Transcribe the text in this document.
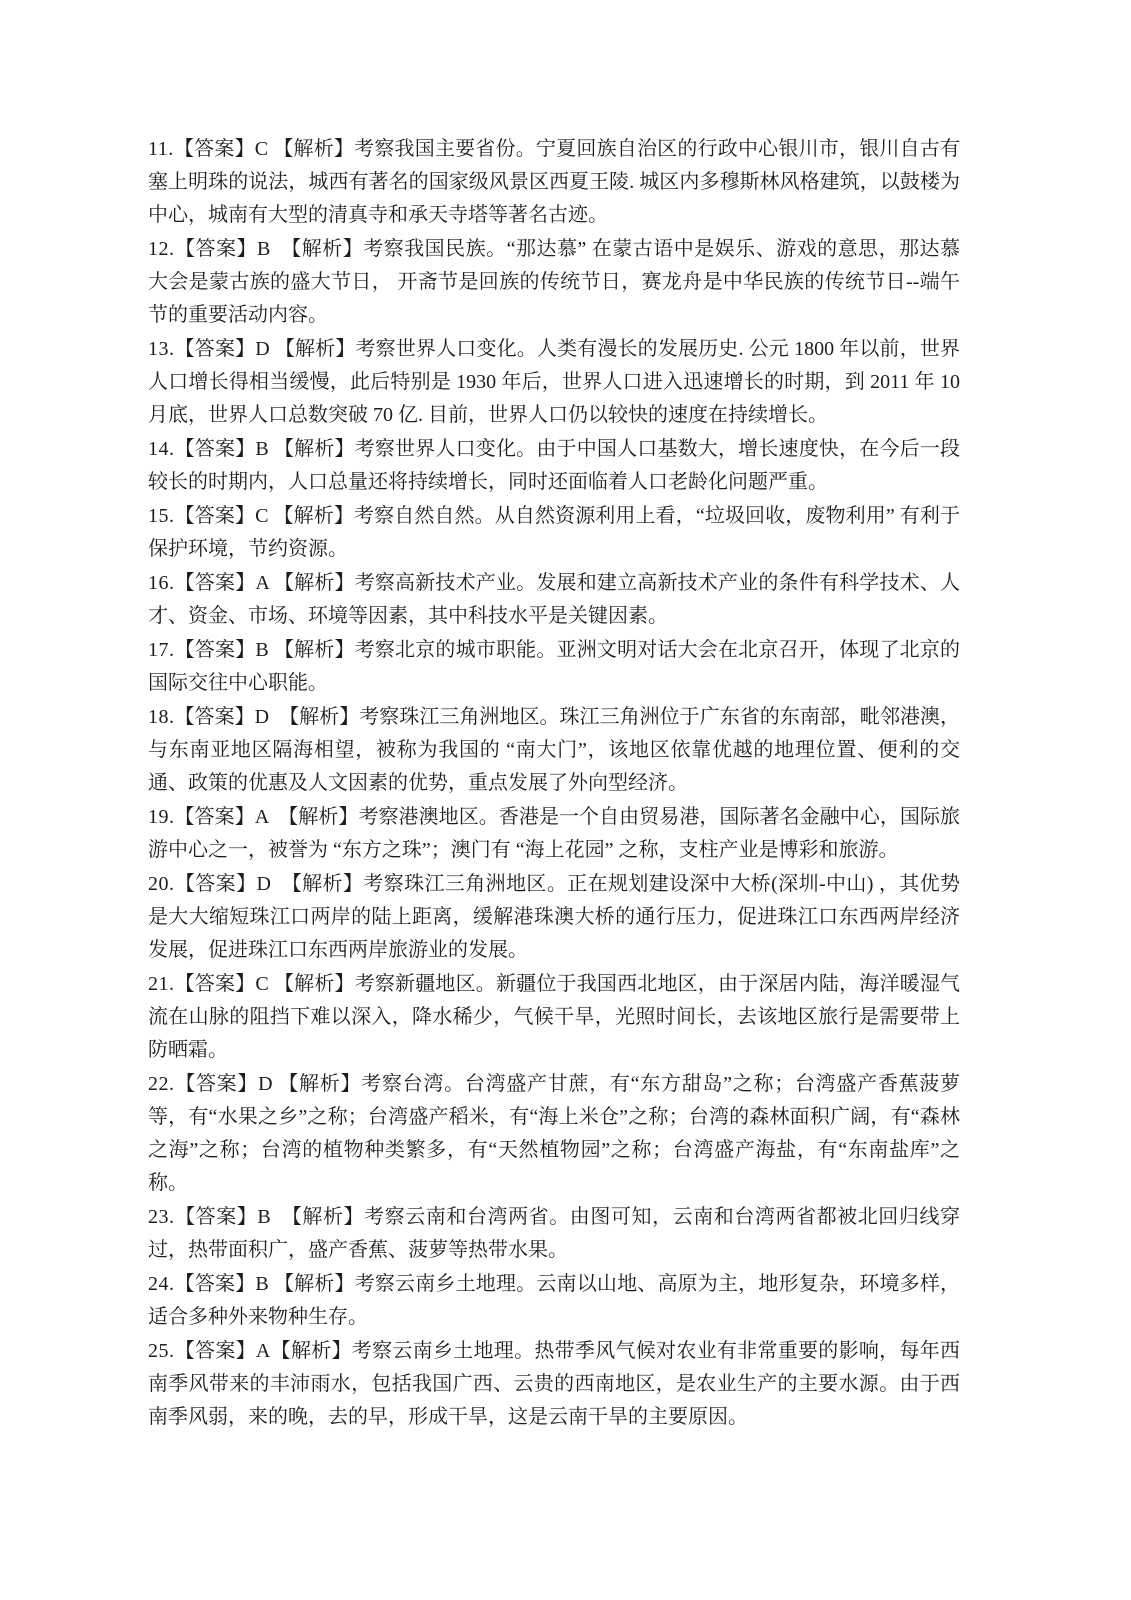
11.【答案】C 【解析】考察我国主要省份。宁夏回族自治区的行政中心银川市，银川自古有塞上明珠的说法，城西有著名的国家级风景区西夏王陵. 城区内多穆斯林风格建筑，以鼓楼为中心，城南有大型的清真寺和承天寺塔等著名古迹。

12.【答案】B　 【解析】考察我国民族。“那达慕” 在蒙古语中是娱乐、游戏的意思，那达慕大会是蒙古族的盛大节日， 开斋节是回族的传统节日，赛龙舟是中华民族的传统节日--端午节的重要活动内容。

13.【答案】D 【解析】考察世界人口变化。人类有漫长的发展历史. 公元 1800 年以前，世界人口增长得相当缓慢，此后特别是 1930 年后，世界人口进入迅速增长的时期，到 2011 年 10 月底，世界人口总数突破 70 亿. 目前，世界人口仍以较快的速度在持续增长。

14.【答案】B 【解析】考察世界人口变化。由于中国人口基数大，增长速度快，在今后一段较长的时期内，人口总量还将持续增长，同时还面临着人口老龄化问题严重。

15.【答案】C 【解析】考察自然自然。从自然资源利用上看，“垃圾回收，废物利用” 有利于保护环境，节约资源。

16.【答案】A 【解析】考察高新技术产业。发展和建立高新技术产业的条件有科学技术、人才、资金、市场、环境等因素，其中科技水平是关键因素。

17.【答案】B 【解析】考察北京的城市职能。亚洲文明对话大会在北京召开，体现了北京的国际交往中心职能。

18.【答案】D　 【解析】考察珠江三角洲地区。珠江三角洲位于广东省的东南部，毗邻港澳，与东南亚地区隔海相望，被称为我国的 “南大门”，该地区依靠优越的地理位置、便利的交通、政策的优惠及人文因素的优势，重点发展了外向型经济。

19.【答案】A　 【解析】考察港澳地区。香港是一个自由贸易港，国际著名金融中心，国际旅游中心之一，被誉为 “东方之珠”；澳门有 “海上花园” 之称，支柱产业是博彩和旅游。

20.【答案】D　 【解析】考察珠江三角洲地区。正在规划建设深中大桥(深圳-中山) ，其优势是大大缩短珠江口两岸的陆上距离，缓解港珠澳大桥的通行压力，促进珠江口东西两岸经济发展，促进珠江口东西两岸旅游业的发展。

21.【答案】C 【解析】考察新疆地区。新疆位于我国西北地区，由于深居内陆，海洋暖湿气流在山脉的阻挡下难以深入，降水稀少，气候干旱，光照时间长，去该地区旅行是需要带上防晒霜。

22.【答案】D 【解析】考察台湾。台湾盛产甘蔗，有“东方甜岛”之称；台湾盛产香蕉菠萝等，有“水果之乡”之称；台湾盛产稻米，有“海上米仓”之称；台湾的森林面积广阔，有“森林之海”之称；台湾的植物种类繁多，有“天然植物园”之称；台湾盛产海盐，有“东南盐库”之称。

23.【答案】B　 【解析】考察云南和台湾两省。由图可知，云南和台湾两省都被北回归线穿过，热带面积广，盛产香蕉、菠萝等热带水果。

24.【答案】B 【解析】考察云南乡土地理。云南以山地、高原为主，地形复杂，环境多样，适合多种外来物种生存。

25.【答案】A【解析】考察云南乡土地理。热带季风气候对农业有非常重要的影响，每年西南季风带来的丰沛雨水，包括我国广西、云贵的西南地区，是农业生产的主要水源。由于西南季风弱，来的晚，去的早，形成干旱，这是云南干旱的主要原因。
